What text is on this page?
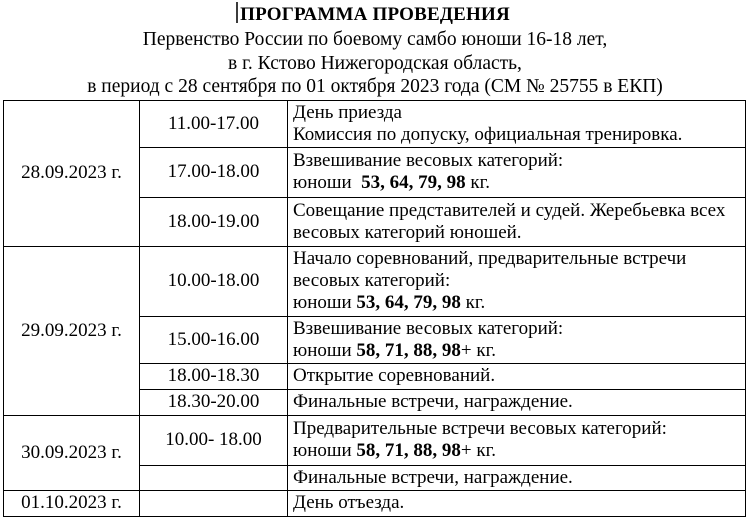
ПРОГРАММА ПРОВЕДЕНИЯ
Первенство России по боевому самбо юноши 16-18 лет,
в г. Кстово Нижегородская область,
в период с 28 сентября по 01 октября 2023 года (СМ № 25755 в ЕКП)
28.09.2023 г.	11.00-17.00	День приезда
Комиссия по допуску, официальная тренировка.

	17.00-18.00	Взвешивание весовых категорий:
юноши  53, 64, 79, 98 кг.

	18.00-19.00	Совещание представителей и судей. Жеребьевка всех весовых категорий юношей.

29.09.2023 г.	10.00-18.00	Начало соревнований, предварительные встречи весовых категорий:
юноши 53, 64, 79, 98 кг.

	15.00-16.00	Взвешивание весовых категорий:
юноши 58, 71, 88, 98+ кг.

	18.00-18.30	Открытие соревнований.

	18.30-20.00	Финальные встречи, награждение.

30.09.2023 г.	10.00- 18.00	Предварительные встречи весовых категорий:
юноши 58, 71, 88, 98+ кг.

		Финальные встречи, награждение.

01.10.2023 г.		День отъезда.
